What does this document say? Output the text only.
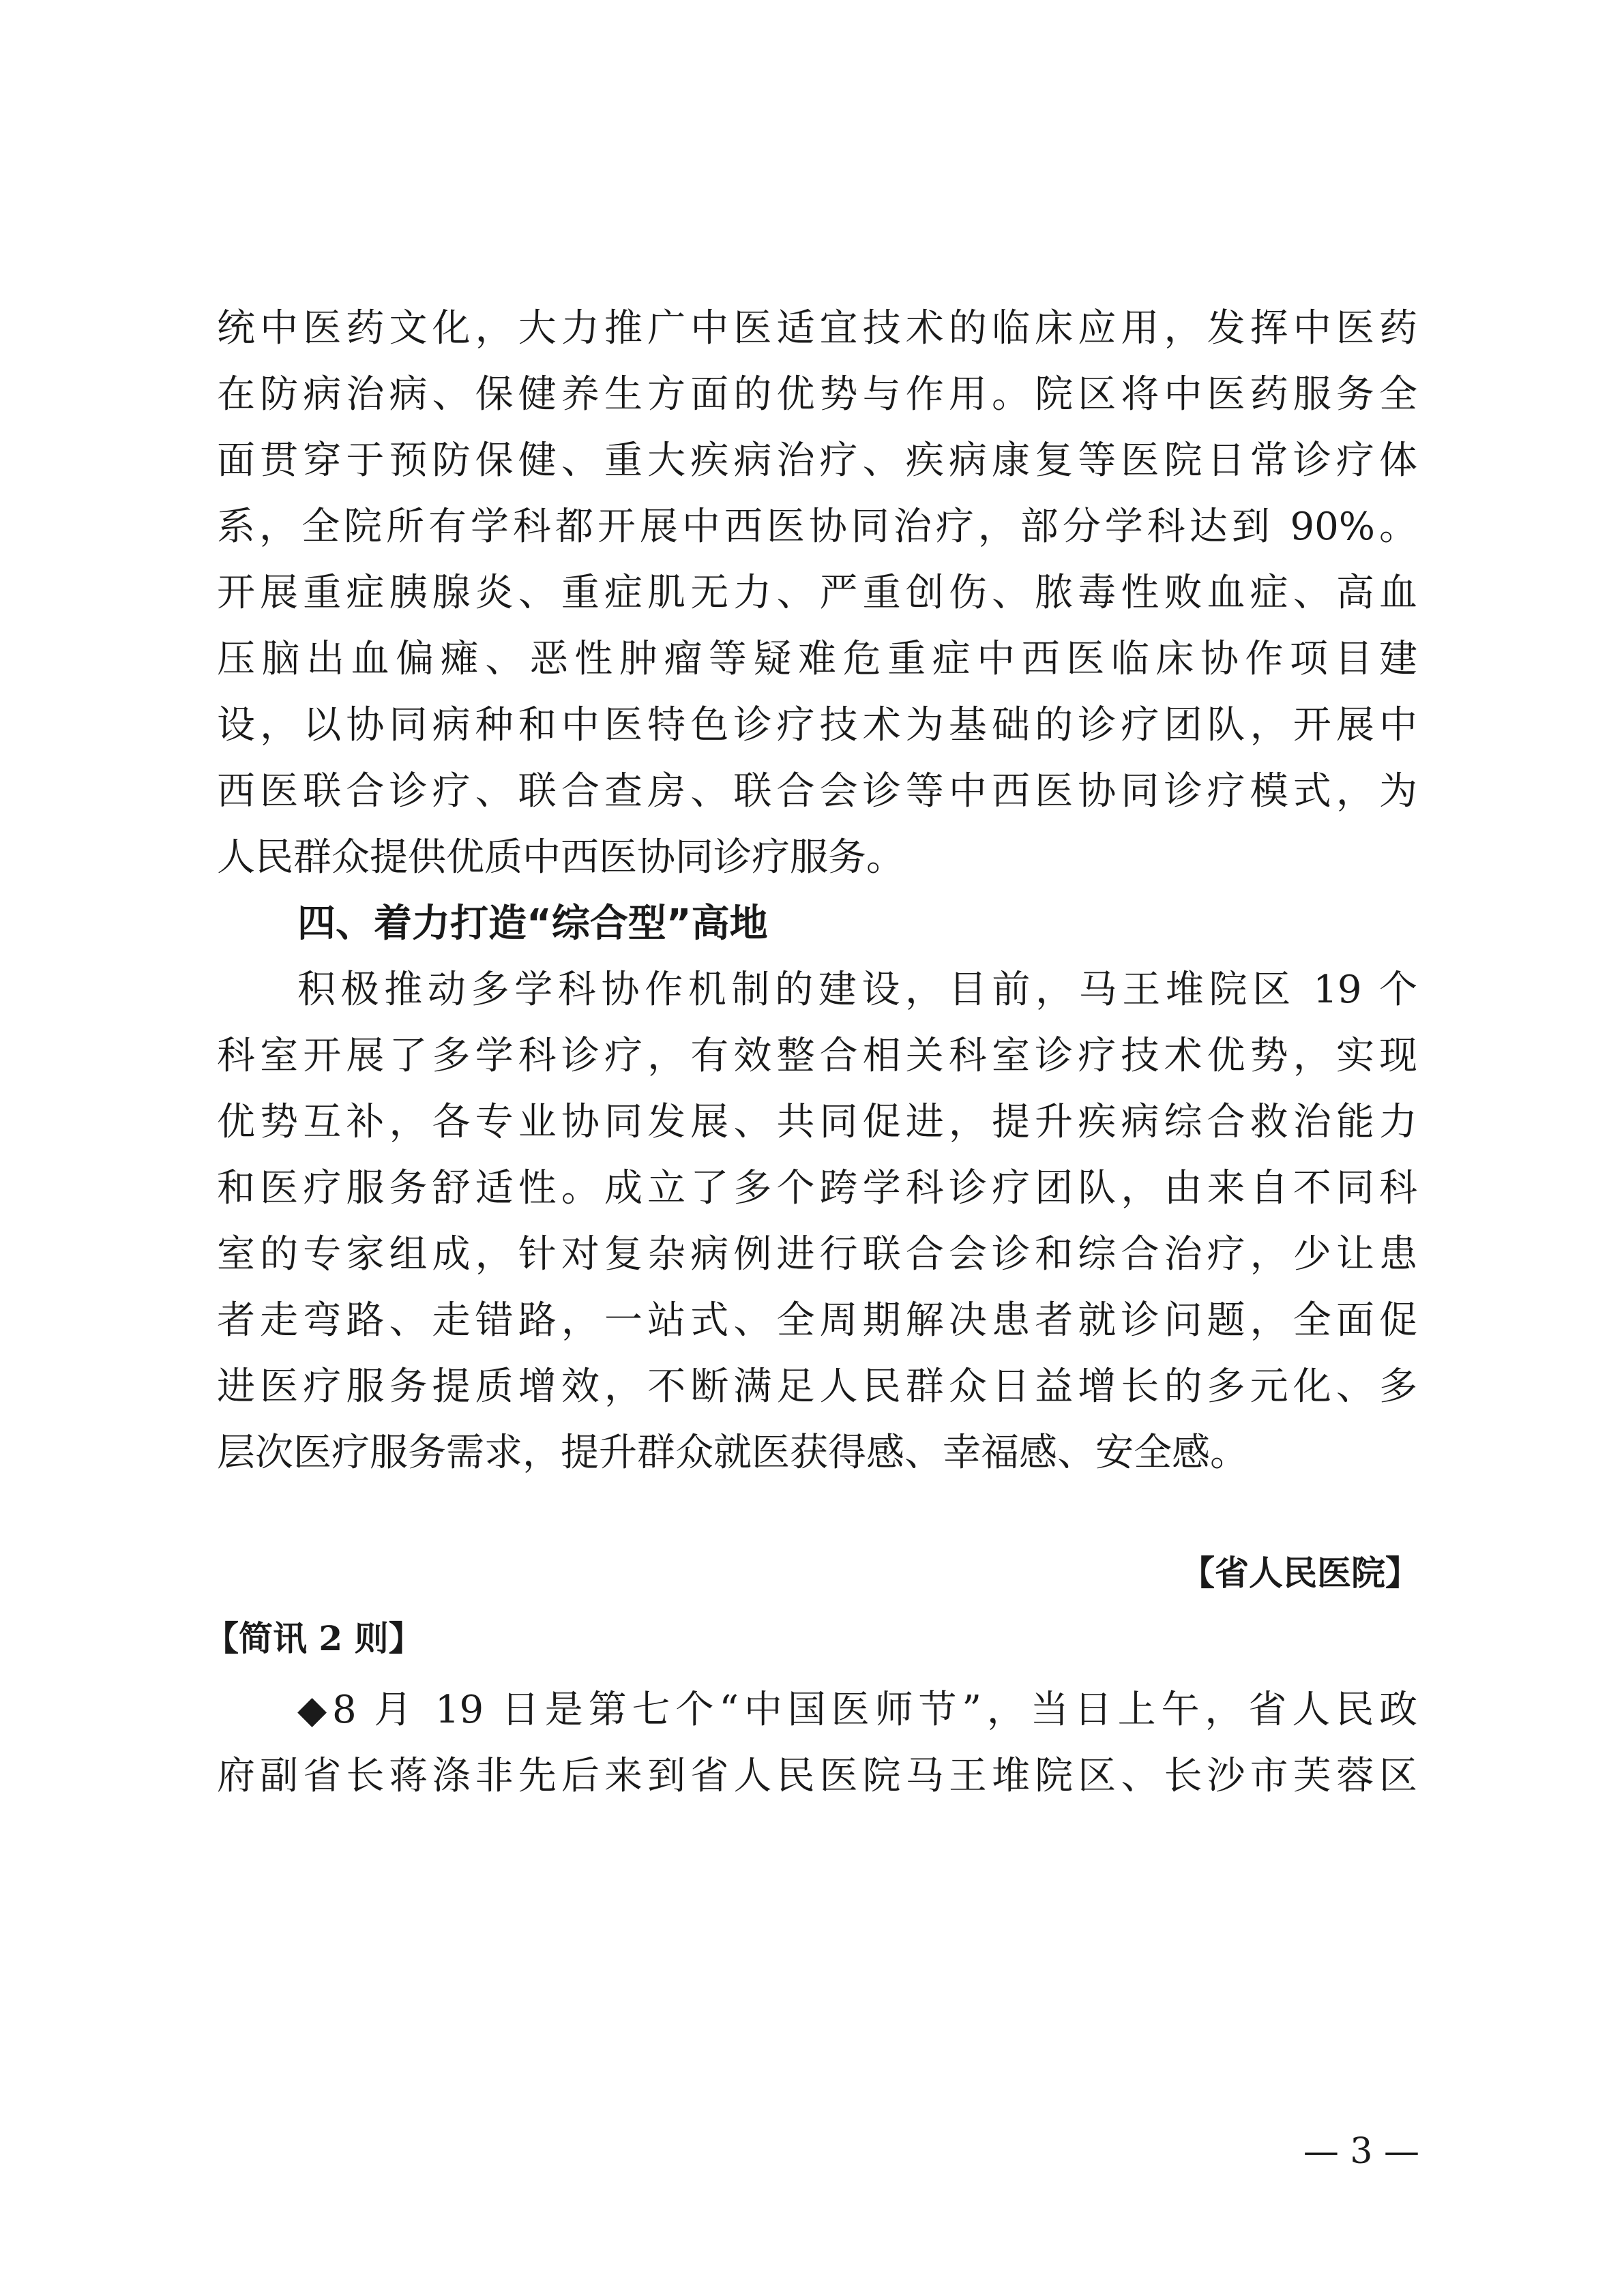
统中医药文化，大力推广中医适宜技术的临床应用，发挥中医药
在防病治病、保健养生方面的优势与作用。院区将中医药服务全
面贯穿于预防保健、重大疾病治疗、疾病康复等医院日常诊疗体
系，全院所有学科都开展中西医协同治疗，部分学科达到 90%。
开展重症胰腺炎、重症肌无力、严重创伤、脓毒性败血症、高血
压脑出血偏瘫、恶性肿瘤等疑难危重症中西医临床协作项目建
设，以协同病种和中医特色诊疗技术为基础的诊疗团队，开展中
西医联合诊疗、联合查房、联合会诊等中西医协同诊疗模式，为
人民群众提供优质中西医协同诊疗服务。
四、着力打造“综合型”高地
积极推动多学科协作机制的建设，目前，马王堆院区 19 个
科室开展了多学科诊疗，有效整合相关科室诊疗技术优势，实现
优势互补，各专业协同发展、共同促进，提升疾病综合救治能力
和医疗服务舒适性。成立了多个跨学科诊疗团队，由来自不同科
室的专家组成，针对复杂病例进行联合会诊和综合治疗，少让患
者走弯路、走错路，一站式、全周期解决患者就诊问题，全面促
进医疗服务提质增效，不断满足人民群众日益增长的多元化、多
层次医疗服务需求，提升群众就医获得感、幸福感、安全感。
【省人民医院】
【简讯 2 则】
◆8 月 19 日是第七个“中国医师节”，当日上午，省人民政
府副省长蒋涤非先后来到省人民医院马王堆院区、长沙市芙蓉区
— 3 —
